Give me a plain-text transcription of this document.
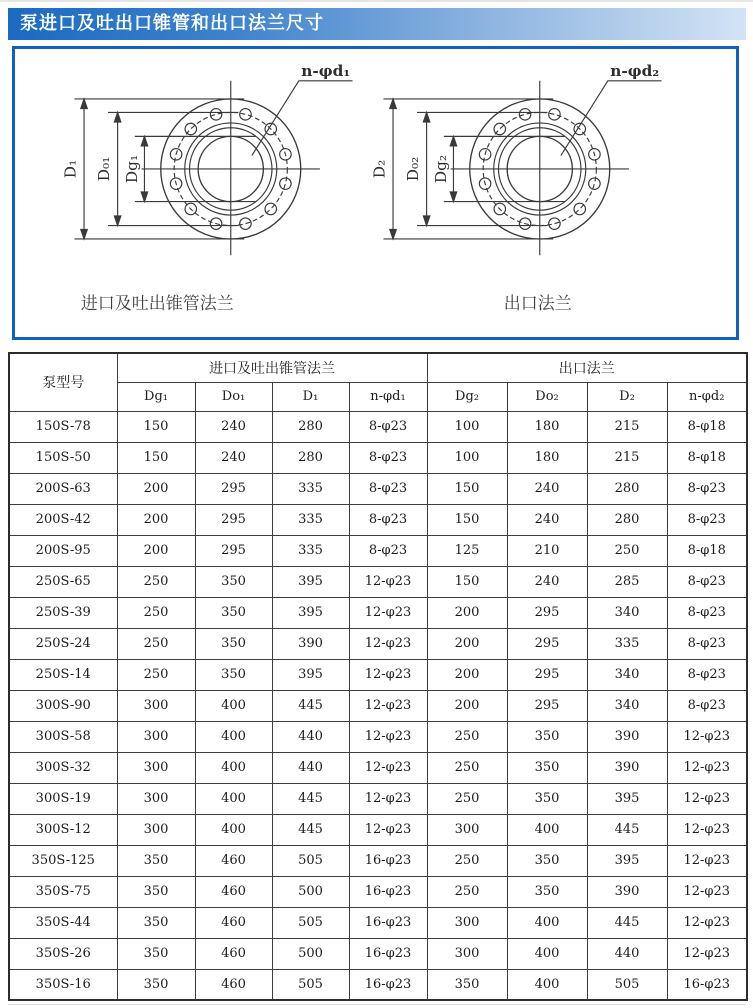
泵进口及吐出口锥管和出口法兰尺寸
D₁ D₀₁ Dg₁
n-φd₁
进口及吐出锥管法兰
D₂ D₀₂ Dg₂
n-φd₂
出口法兰
泵型号	进口及吐出锥管法兰				出口法兰			
	Dg₁	Do₁	D₁	n-φd₁	Dg₂	Do₂	D₂	n-φd₂
150S-78	150	240	280	8-φ23	100	180	215	8-φ18
150S-50	150	240	280	8-φ23	100	180	215	8-φ18
200S-63	200	295	335	8-φ23	150	240	280	8-φ23
200S-42	200	295	335	8-φ23	150	240	280	8-φ23
200S-95	200	295	335	8-φ23	125	210	250	8-φ18
250S-65	250	350	395	12-φ23	150	240	285	8-φ23
250S-39	250	350	395	12-φ23	200	295	340	8-φ23
250S-24	250	350	390	12-φ23	200	295	335	8-φ23
250S-14	250	350	395	12-φ23	200	295	340	8-φ23
300S-90	300	400	445	12-φ23	200	295	340	8-φ23
300S-58	300	400	440	12-φ23	250	350	390	12-φ23
300S-32	300	400	440	12-φ23	250	350	390	12-φ23
300S-19	300	400	445	12-φ23	250	350	395	12-φ23
300S-12	300	400	445	12-φ23	300	400	445	12-φ23
350S-125	350	460	505	16-φ23	250	350	395	12-φ23
350S-75	350	460	500	16-φ23	250	350	390	12-φ23
350S-44	350	460	505	16-φ23	300	400	445	12-φ23
350S-26	350	460	500	16-φ23	300	400	440	12-φ23
350S-16	350	460	505	16-φ23	350	400	505	16-φ23
